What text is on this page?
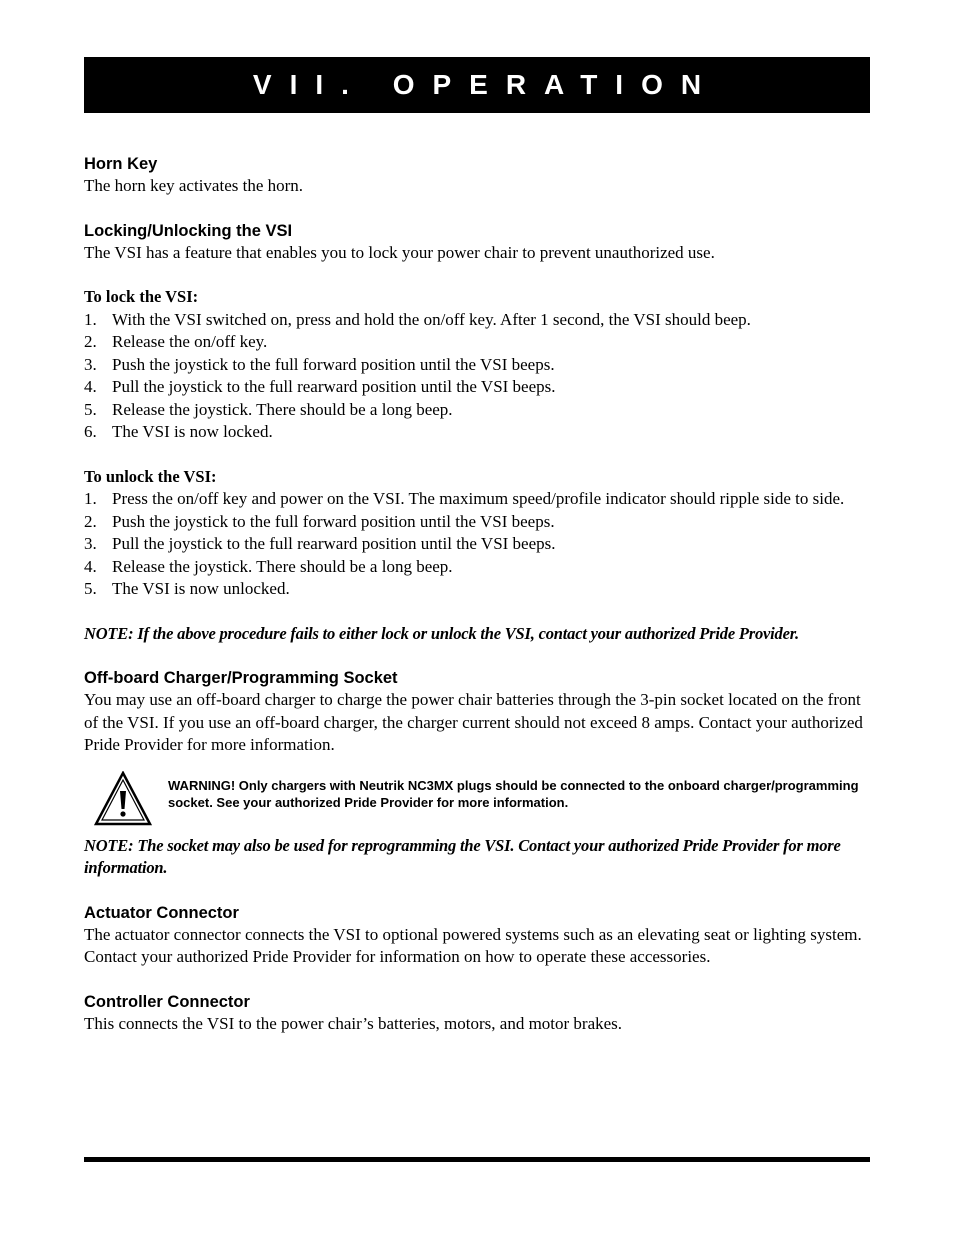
VII. OPERATION
Horn Key

The horn key activates the horn.

Locking/Unlocking the VSI

The VSI has a feature that enables you to lock your power chair to prevent unauthorized use.

To lock the VSI:
1. With the VSI switched on, press and hold the on/off key. After 1 second, the VSI should beep.
2. Release the on/off key.
3. Push the joystick to the full forward position until the VSI beeps.
4. Pull the joystick to the full rearward position until the VSI beeps.
5. Release the joystick. There should be a long beep.
6. The VSI is now locked.
To unlock the VSI:
1. Press the on/off key and power on the VSI. The maximum speed/profile indicator should ripple side to side.
2. Push the joystick to the full forward position until the VSI beeps.
3. Pull the joystick to the full rearward position until the VSI beeps.
4. Release the joystick. There should be a long beep.
5. The VSI is now unlocked.

NOTE: If the above procedure fails to either lock or unlock the VSI, contact your authorized Pride Provider.

Off-board Charger/Programming Socket

You may use an off-board charger to charge the power chair batteries through the 3-pin socket located on the front of the VSI. If you use an off-board charger, the charger current should not exceed 8 amps. Contact your authorized Pride Provider for more information.

WARNING! Only chargers with Neutrik NC3MX plugs should be connected to the onboard charger/programming socket. See your authorized Pride Provider for more information.

NOTE: The socket may also be used for reprogramming the VSI. Contact your authorized Pride Provider for more information.

Actuator Connector

The actuator connector connects the VSI to optional powered systems such as an elevating seat or lighting system. Contact your authorized Pride Provider for information on how to operate these accessories.

Controller Connector

This connects the VSI to the power chair’s batteries, motors, and motor brakes.
